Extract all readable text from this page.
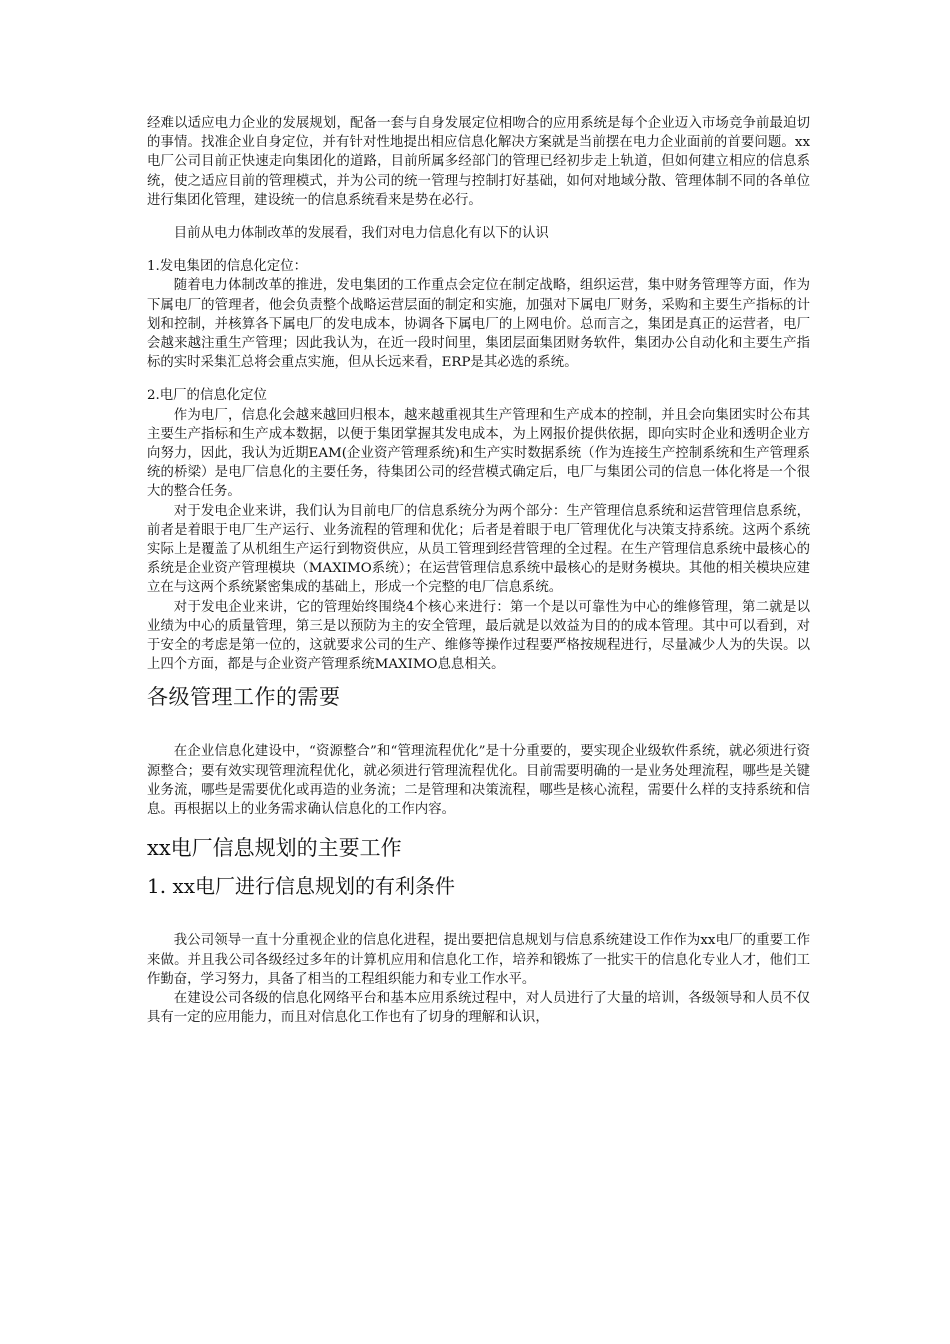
经难以适应电力企业的发展规划，配备一套与自身发展定位相吻合的应用系统是每个企业迈入市场竞争前最迫切的事情。找准企业自身定位，并有针对性地提出相应信息化解决方案就是当前摆在电力企业面前的首要问题。xx电厂公司目前正快速走向集团化的道路，目前所属多经部门的管理已经初步走上轨道，但如何建立相应的信息系统，使之适应目前的管理模式，并为公司的统一管理与控制打好基础，如何对地域分散、管理体制不同的各单位进行集团化管理，建设统一的信息系统看来是势在必行。

目前从电力体制改革的发展看，我们对电力信息化有以下的认识

1.发电集团的信息化定位：

随着电力体制改革的推进，发电集团的工作重点会定位在制定战略，组织运营，集中财务管理等方面，作为下属电厂的管理者，他会负责整个战略运营层面的制定和实施，加强对下属电厂财务，采购和主要生产指标的计划和控制，并核算各下属电厂的发电成本，协调各下属电厂的上网电价。总而言之，集团是真正的运营者，电厂会越来越注重生产管理；因此我认为，在近一段时间里，集团层面集团财务软件，集团办公自动化和主要生产指标的实时采集汇总将会重点实施，但从长远来看，ERP是其必选的系统。

2.电厂的信息化定位

作为电厂，信息化会越来越回归根本，越来越重视其生产管理和生产成本的控制，并且会向集团实时公布其主要生产指标和生产成本数据，以便于集团掌握其发电成本，为上网报价提供依据，即向实时企业和透明企业方向努力，因此，我认为近期EAM(企业资产管理系统)和生产实时数据系统（作为连接生产控制系统和生产管理系统的桥梁）是电厂信息化的主要任务，待集团公司的经营模式确定后，电厂与集团公司的信息一体化将是一个很大的整合任务。

对于发电企业来讲，我们认为目前电厂的信息系统分为两个部分：生产管理信息系统和运营管理信息系统，前者是着眼于电厂生产运行、业务流程的管理和优化；后者是着眼于电厂管理优化与决策支持系统。这两个系统实际上是覆盖了从机组生产运行到物资供应，从员工管理到经营管理的全过程。在生产管理信息系统中最核心的系统是企业资产管理模块（MAXIMO系统）；在运营管理信息系统中最核心的是财务模块。其他的相关模块应建立在与这两个系统紧密集成的基础上，形成一个完整的电厂信息系统。

对于发电企业来讲，它的管理始终围绕4个核心来进行：第一个是以可靠性为中心的维修管理，第二就是以业绩为中心的质量管理，第三是以预防为主的安全管理，最后就是以效益为目的的成本管理。其中可以看到，对于安全的考虑是第一位的，这就要求公司的生产、维修等操作过程要严格按规程进行，尽量减少人为的失误。以上四个方面，都是与企业资产管理系统MAXIMO息息相关。

各级管理工作的需要

在企业信息化建设中，“资源整合”和“管理流程优化”是十分重要的，要实现企业级软件系统，就必须进行资源整合；要有效实现管理流程优化，就必须进行管理流程优化。目前需要明确的一是业务处理流程，哪些是关键业务流，哪些是需要优化或再造的业务流；二是管理和决策流程，哪些是核心流程，需要什么样的支持系统和信息。再根据以上的业务需求确认信息化的工作内容。

xx电厂信息规划的主要工作
1. xx电厂进行信息规划的有利条件

我公司领导一直十分重视企业的信息化进程，提出要把信息规划与信息系统建设工作作为xx电厂的重要工作来做。并且我公司各级经过多年的计算机应用和信息化工作，培养和锻炼了一批实干的信息化专业人才，他们工作勤奋，学习努力，具备了相当的工程组织能力和专业工作水平。

在建设公司各级的信息化网络平台和基本应用系统过程中，对人员进行了大量的培训，各级领导和人员不仅具有一定的应用能力，而且对信息化工作也有了切身的理解和认识，
